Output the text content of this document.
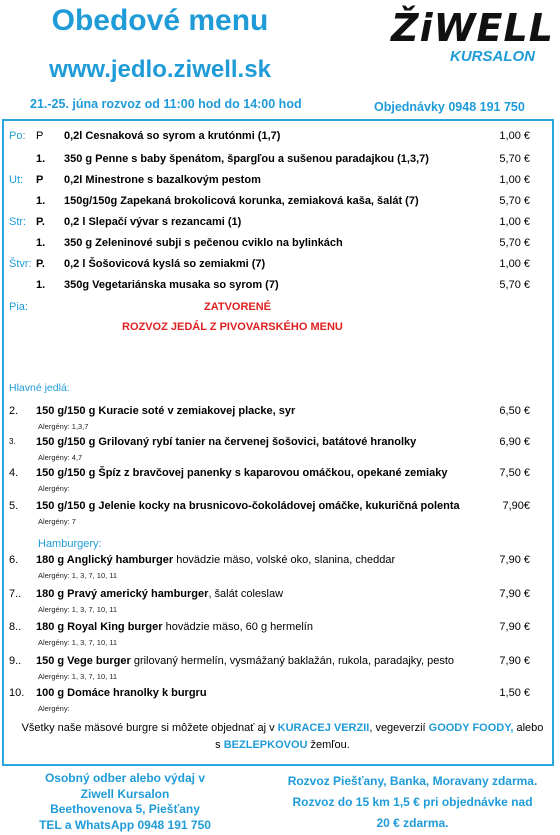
Obedové menu
www.jedlo.ziwell.sk
ŽiWELL
KURSALON
21.-25. júna rozvoz od 11:00 hod do 14:00 hod	Objednávky 0948 191 750
Po: P 0,2l Cesnaková so syrom a krutónmi (1,7)	1,00 €
1. 350 g Penne s baby špenátom, špargľou a sušenou paradajkou (1,3,7)	5,70 €
Ut: P 0,2l Minestrone s bazalkovým pestom	1,00 €
1. 150g/150g Zapekaná brokolicová korunka, zemiaková kaša, šalát (7)	5,70 €
Str: P. 0,2 l Slepačí vývar s rezancami (1)	1,00 €
1. 350 g Zeleninové subji s pečenou cviklo na bylinkách	5,70 €
Štvr: P. 0,2 l Šošovicová kyslá so zemiakmi (7)	1,00 €
1. 350g Vegetariánska musaka so syrom (7)	5,70 €
Pia:	ZATVORENÉ
ROZVOZ JEDÁL Z PIVOVARSKÉHO MENU
Hlavné jedlá:
2. 150 g/150 g Kuracie soté v zemiakovej placke, syr	6,50 €
Alergény: 1,3,7
3. 150 g/150 g Grilovaný rybí tanier na červenej šošovici, batátové hranolky	6,90 €
Alergény: 4,7
4. 150 g/150 g Špíz z bravčovej panenky s kaparovou omáčkou, opekané zemiaky	7,50 €
Alergény:
5. 150 g/150 g Jelenie kocky na brusnicovo-čokoládovej omáčke, kukuričná polenta	7,90€
Alergény: 7
Hamburgery:
6. 180 g Anglický hamburger hovädzie mäso, volské oko, slanina, cheddar	7,90 €
Alergény: 1, 3, 7, 10, 11
7.. 180 g Pravý americký hamburger, šalát coleslaw	7,90 €
Alergény: 1, 3, 7, 10, 11
8.. 180 g Royal King burger hovädzie mäso, 60 g hermelín	7,90 €
Alergény: 1, 3, 7, 10, 11
9.. 150 g Vege burger grilovaný hermelín, vysmážaný baklažán, rukola, paradajky, pesto	7,90 €
Alergény: 1, 3, 7, 10, 11
10. 100 g Domáce hranolky k burgru	1,50 €
Alergény:
Všetky naše mäsové burgre si môžete objednať aj v KURACEJ VERZII, vegeverzií GOODY FOODY, alebo
s BEZLEPKOVOU žemľou.
Osobný odber alebo výdaj v
Ziwell Kursalon
Beethovenova 5, Piešťany
TEL a WhatsApp 0948 191 750
Rozvoz Piešťany, Banka, Moravany zdarma.
Rozvoz do 15 km 1,5 € pri objednávke nad
20 € zdarma.
